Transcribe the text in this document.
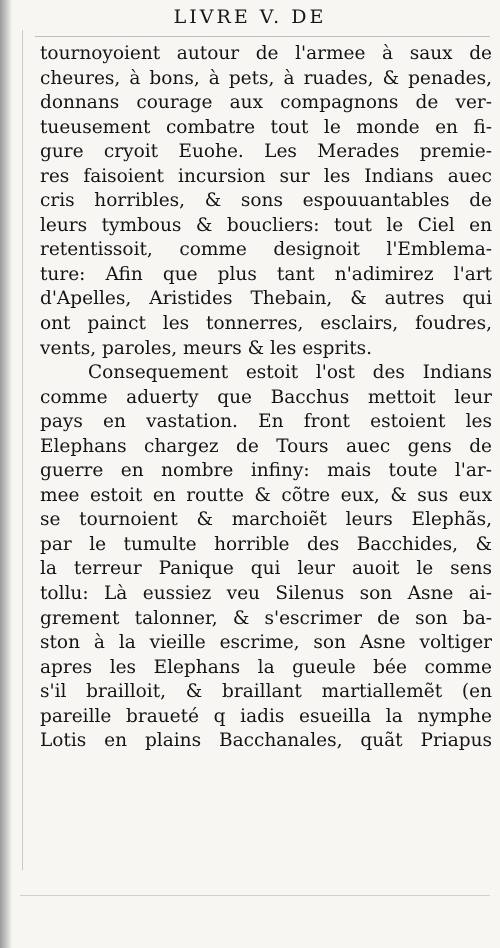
LIVRE V. DE
tournoyoient autour de l'armee à saux de
cheures, à bons, à pets, à ruades, & penades,
donnans courage aux compagnons de ver-
tueusement combatre tout le monde en fi-
gure cryoit Euohe. Les Merades premie-
res faisoient incursion sur les Indians auec
cris horribles, & sons espouuantables de
leurs tymbous & boucliers: tout le Ciel en
retentissoit, comme designoit l'Emblema-
ture: Afin que plus tant n'adimirez l'art
d'Apelles, Aristides Thebain, & autres qui
ont painct les tonnerres, esclairs, foudres,
vents, paroles, meurs & les esprits.
Consequement estoit l'ost des Indians
comme aduerty que Bacchus mettoit leur
pays en vastation. En front estoient les
Elephans chargez de Tours auec gens de
guerre en nombre infiny: mais toute l'ar-
mee estoit en routte & cõtre eux, & sus eux
se tournoient & marchoiẽt leurs Elephãs,
par le tumulte horrible des Bacchides, &
la terreur Panique qui leur auoit le sens
tollu: Là eussiez veu Silenus son Asne ai-
grement talonner, & s'escrimer de son ba-
ston à la vieille escrime, son Asne voltiger
apres les Elephans la gueule bée comme
s'il brailloit, & braillant martiallemẽt (en
pareille braueté q iadis esueilla la nymphe
Lotis en plains Bacchanales, quãt Priapus
